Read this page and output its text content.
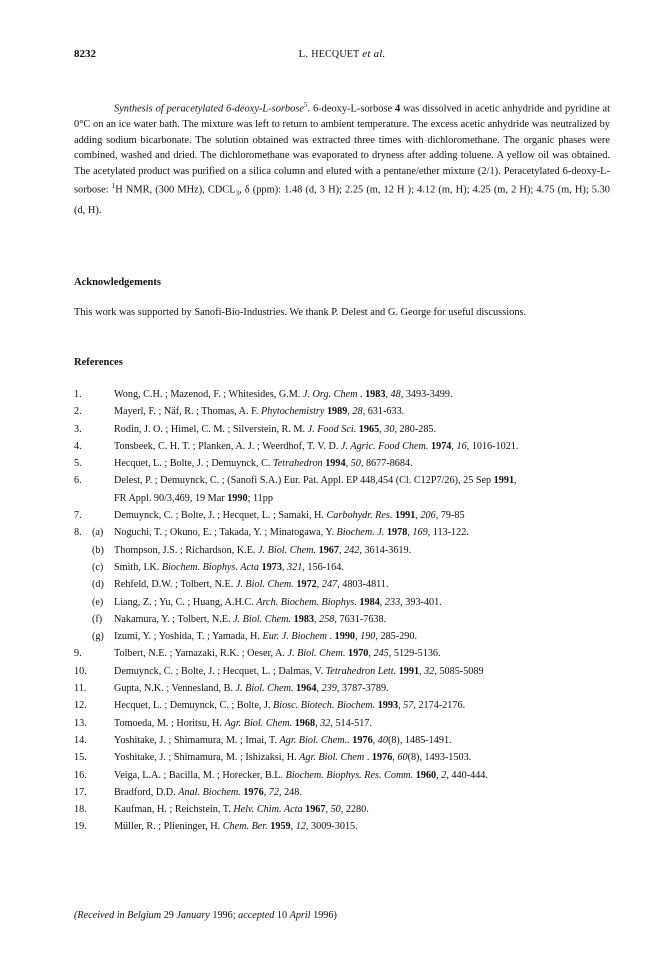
8232	L. HECQUET et al.

Synthesis of peracetylated 6-deoxy-L-sorbose$^5$. 6-deoxy-L-sorbose 4 was dissolved in acetic anhydride and pyridine at 0°C on an ice water bath. The mixture was left to return to ambient temperature. The excess acetic anhydride was neutralized by adding sodium bicarbonate. The solution obtained was extracted three times with dichloromethane. The organic phases were combined, washed and dried. The dichloromethane was evaporated to dryness after adding toluene. A yellow oil was obtained. The acetylated product was purified on a silica column and eluted with a pentane/ether mixture (2/1). Peracetylated 6-deoxy-L-sorbose: $^1$H NMR, (300 MHz), $CDCL_3$, δ (ppm): 1.48 (d, 3 H); 2.25 (m, 12 H ); 4.12 (m, H); 4.25 (m, 2 H); 4.75 (m, H); 5.30 (d, H).

Acknowledgements

This work was supported by Sanofi-Bio-Industries. We thank P. Delest and G. George for useful discussions.

References
1.	Wong, C.H. ; Mazenod, F. ; Whitesides, G.M. J. Org. Chem . 1983, 48, 3493-3499.
2.	Mayerl, F. ; Näf, R. ; Thomas, A. F. Phytochemistry 1989, 28, 631-633.
3.	Rodin, J. O. ; Himel, C. M. ; Silverstein, R. M. J. Food Sci. 1965, 30, 280-285.
4.	Tonsbeek, C. H. T. ; Planken, A. J. ; Weerdhof, T. V. D. J. Agric. Food Chem. 1974, 16, 1016-1021.
5.	Hecquet, L. ; Bolte, J. ; Demuynck, C. Tetrahedron 1994, 50, 8677-8684.
6.	Delest, P. ; Demuynck, C. ; (Sanofi S.A.) Eur. Pat. Appl. EP 448,454 (Cl. C12P7/26), 25 Sep 1991,
FR Appl. 90/3,469, 19 Mar 1990; 11pp
7.	Demuynck, C. ; Bolte, J. ; Hecquet, L. ; Samaki, H. Carbohydr. Res. 1991, 206, 79-85
8. (a) Noguchi, T. ; Okuno, E. ; Takada, Y. ; Minatogawa, Y. Biochem. J. 1978, 169, 113-122.
(b) Thompson, J.S. ; Richardson, K.E. J. Biol. Chem. 1967, 242, 3614-3619.
(c) Smith, I.K. Biochem. Biophys. Acta 1973, 321, 156-164.
(d) Rehfeld, D.W. ; Tolbert, N.E. J. Biol. Chem. 1972, 247, 4803-4811.
(e) Liang, Z. ; Yu, C. ; Huang, A.H.C. Arch. Biochem. Biophys. 1984, 233, 393-401.
(f) Nakamura, Y. ; Tolbert, N.E. J. Biol. Chem. 1983, 258, 7631-7638.
(g) Izumi, Y. ; Yoshida, T. ; Yamada, H. Eur. J. Biochem . 1990, 190, 285-290.
9.	Tolbert, N.E. ; Yamazaki, R.K. ; Oeser, A. J. Biol. Chem. 1970, 245, 5129-5136.
10.	Demuynck, C. ; Bolte, J. ; Hecquet, L. ; Dalmas, V. Tetrahedron Lett. 1991, 32, 5085-5089
11.	Gupta, N.K. ; Vennesland, B. J. Biol. Chem. 1964, 239, 3787-3789.
12.	Hecquet, L. ; Demuynck, C. ; Bolte, J. Biosc. Biotech. Biochem. 1993, 57, 2174-2176.
13.	Tomoeda, M. ; Horitsu, H. Agr. Biol. Chem. 1968, 32, 514-517.
14.	Yoshitake, J. ; Shimamura, M. ; Imai, T. Agr. Biol. Chem.. 1976, 40(8), 1485-1491.
15.	Yoshitake, J. ; Shimamura, M. ; Ishizaksi, H. Agr. Biol. Chem . 1976, 60(8), 1493-1503.
16.	Veiga, L.A. ; Bacilla, M. ; Horecker, B.L. Biochem. Biophys. Res. Comm. 1960, 2, 440-444.
17.	Bradford, D.D. Anal. Biochem. 1976, 72, 248.
18.	Kaufman, H. ; Reichstein, T. Helv. Chim. Acta 1967, 50, 2280.
19.	Müller, R. ; Plieninger, H. Chem. Ber. 1959, 12, 3009-3015.
(Received in Belgium 29 January 1996; accepted 10 April 1996)
